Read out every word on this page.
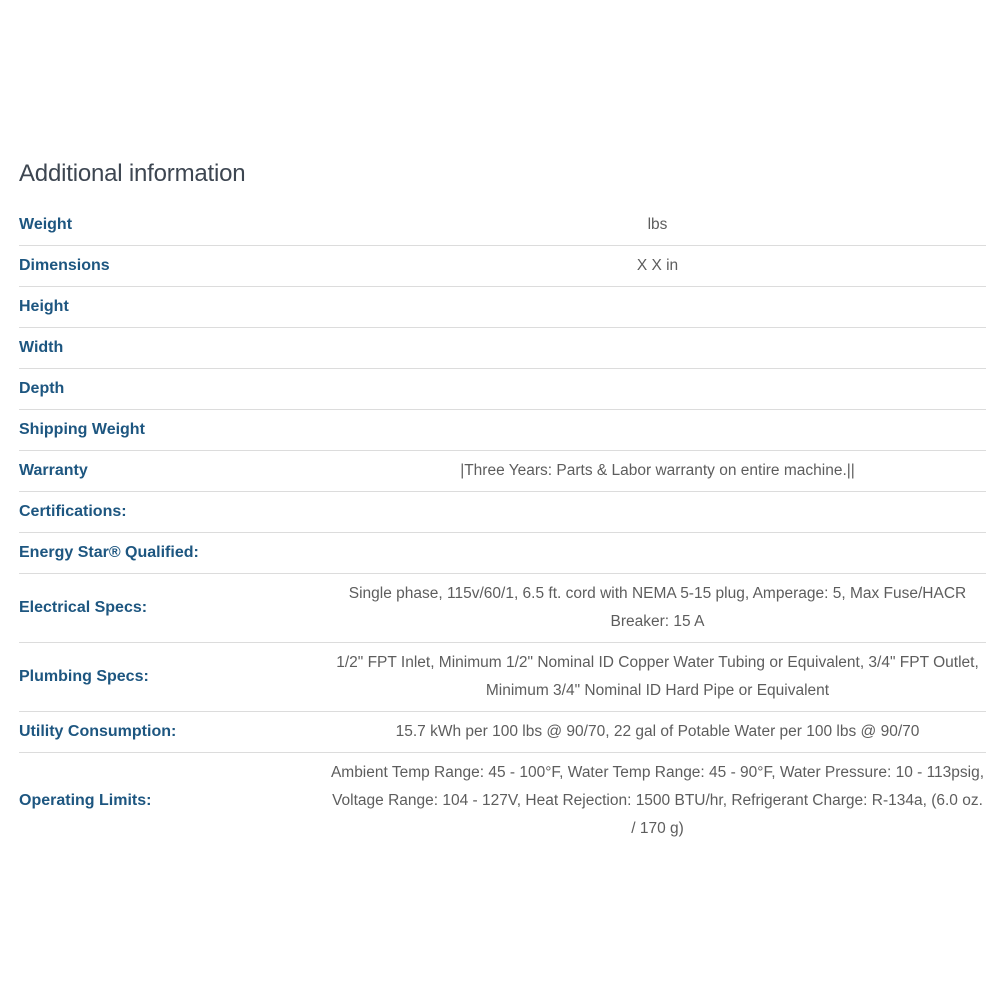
Additional information
Weight	lbs
Dimensions	X X in
Height	
Width	
Depth	
Shipping Weight	
Warranty	|Three Years: Parts & Labor warranty on entire machine.||
Certifications:	
Energy Star® Qualified:	
Electrical Specs:	Single phase, 115v/60/1, 6.5 ft. cord with NEMA 5-15 plug, Amperage: 5, Max Fuse/HACR Breaker: 15 A
Plumbing Specs:	1/2" FPT Inlet, Minimum 1/2" Nominal ID Copper Water Tubing or Equivalent, 3/4" FPT Outlet, Minimum 3/4" Nominal ID Hard Pipe or Equivalent
Utility Consumption:	15.7 kWh per 100 lbs @ 90/70, 22 gal of Potable Water per 100 lbs @ 90/70
Operating Limits:	Ambient Temp Range: 45 - 100°F, Water Temp Range: 45 - 90°F, Water Pressure: 10 - 113psig, Voltage Range: 104 - 127V, Heat Rejection: 1500 BTU/hr, Refrigerant Charge: R-134a, (6.0 oz. / 170 g)
